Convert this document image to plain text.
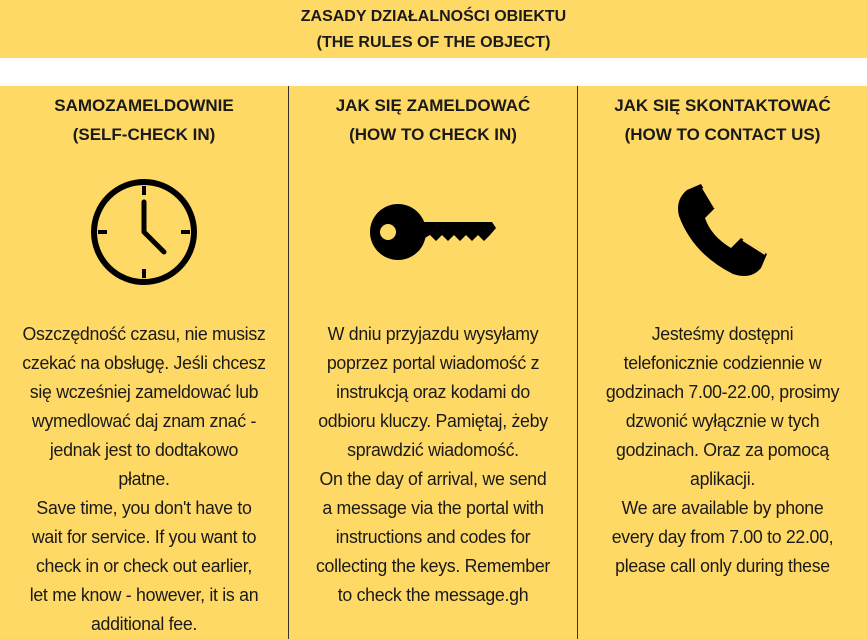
ZASADY DZIAŁALNOŚCI OBIEKTU
(THE RULES OF THE OBJECT)
SAMOZAMELDOWNIE
(SELF-CHECK IN)
Oszczędność czasu, nie musisz
czekać na obsługę. Jeśli chcesz
się wcześniej zameldować lub
wymedlować daj znam znać -
jednak jest to dodtakowo
płatne.
Save time, you don't have to
wait for service. If you want to
check in or check out earlier,
let me know - however, it is an
additional fee.
JAK SIĘ ZAMELDOWAĆ
(HOW TO CHECK IN)
W dniu przyjazdu wysyłamy
poprzez portal wiadomość z
instrukcją oraz kodami do
odbioru kluczy. Pamiętaj, żeby
sprawdzić wiadomość.
On the day of arrival, we send
a message via the portal with
instructions and codes for
collecting the keys. Remember
to check the message.gh
JAK SIĘ SKONTAKTOWAĆ
(HOW TO CONTACT US)
Jesteśmy dostępni
telefonicznie codziennie w
godzinach 7.00-22.00, prosimy
dzwonić wyłącznie w tych
godzinach. Oraz za pomocą
aplikacji.
We are available by phone
every day from 7.00 to 22.00,
please call only during these
